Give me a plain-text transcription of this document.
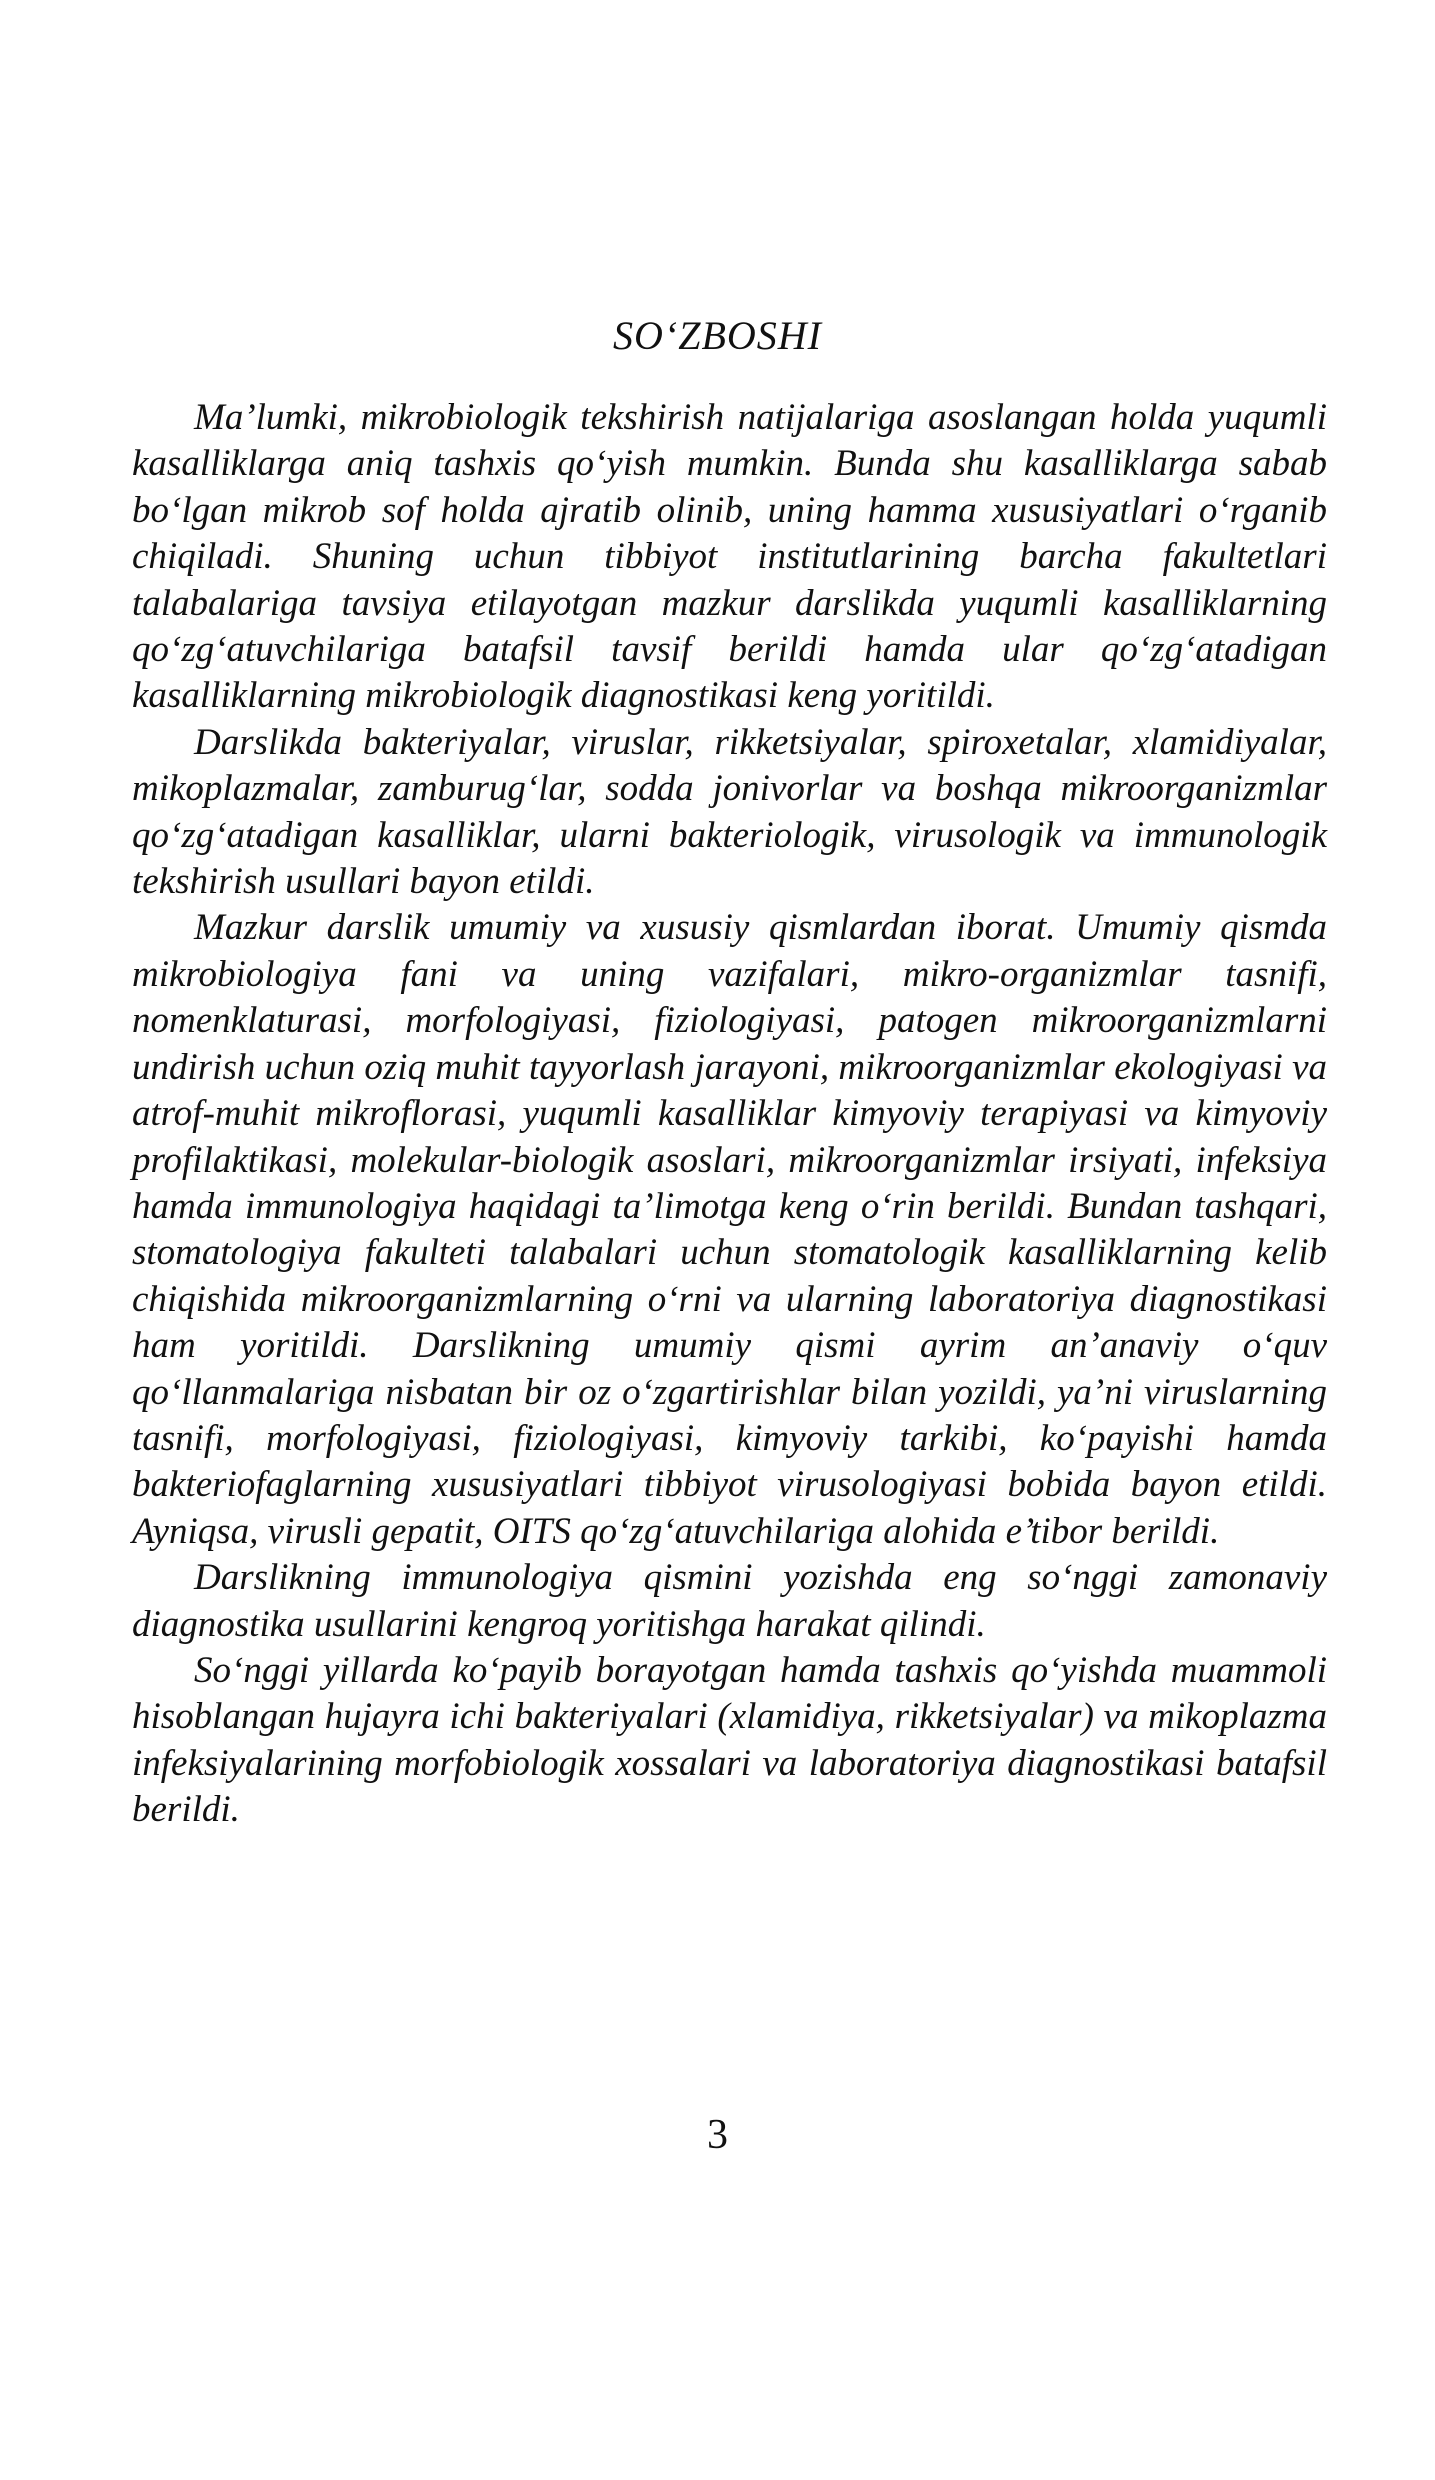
SO‘ZBOSHI

Ma’lumki, mikrobiologik tekshirish natijalariga asoslangan holda yuqumli kasalliklarga aniq tashxis qo‘yish mumkin. Bunda shu kasalliklarga sabab bo‘lgan mikrob sof holda ajratib olinib, uning hamma xususiyatlari o‘rganib chiqiladi. Shuning uchun tibbiyot institutlarining barcha fakultetlari talabalariga tavsiya etilayotgan mazkur darslikda yuqumli kasalliklarning qo‘zg‘atuvchilariga batafsil tavsif berildi hamda ular qo‘zg‘atadigan kasalliklarning mikrobiologik diagnostikasi keng yoritildi.

Darslikda bakteriyalar, viruslar, rikketsiyalar, spiroxetalar, xlamidiyalar, mikoplazmalar, zamburug‘lar, sodda jonivorlar va boshqa mikroorganizmlar qo‘zg‘atadigan kasalliklar, ularni bakteriologik, virusologik va immunologik tekshirish usullari bayon etildi.

Mazkur darslik umumiy va xususiy qismlardan iborat. Umumiy qismda mikrobiologiya fani va uning vazifalari, mikro-organizmlar tasnifi, nomenklaturasi, morfologiyasi, fiziologiyasi, patogen mikroorganizmlarni undirish uchun oziq muhit tayyorlash jarayoni, mikroorganizmlar ekologiyasi va atrof-muhit mikroflorasi, yuqumli kasalliklar kimyoviy terapiyasi va kimyoviy profilaktikasi, molekular-biologik asoslari, mikroorganizmlar irsiyati, infeksiya hamda immunologiya haqidagi ta’limotga keng o‘rin berildi. Bundan tashqari, stomatologiya fakulteti talabalari uchun stomatologik kasalliklarning kelib chiqishida mikroorganizmlarning o‘rni va ularning laboratoriya diagnostikasi ham yoritildi. Darslikning umumiy qismi ayrim an’anaviy o‘quv qo‘llanmalariga nisbatan bir oz o‘zgartirishlar bilan yozildi, ya’ni viruslarning tasnifi, morfologiyasi, fiziologiyasi, kimyoviy tarkibi, ko‘payishi hamda bakteriofaglarning xususiyatlari tibbiyot virusologiyasi bobida bayon etildi. Ayniqsa, virusli gepatit, OITS qo‘zg‘atuvchilariga alohida e’tibor berildi.

Darslikning immunologiya qismini yozishda eng so‘nggi zamonaviy diagnostika usullarini kengroq yoritishga harakat qilindi.

So‘nggi yillarda ko‘payib borayotgan hamda tashxis qo‘yishda muammoli hisoblangan hujayra ichi bakteriyalari (xlamidiya, rikketsiyalar) va mikoplazma infeksiyalarining morfobiologik xossalari va laboratoriya diagnostikasi batafsil berildi.

3
